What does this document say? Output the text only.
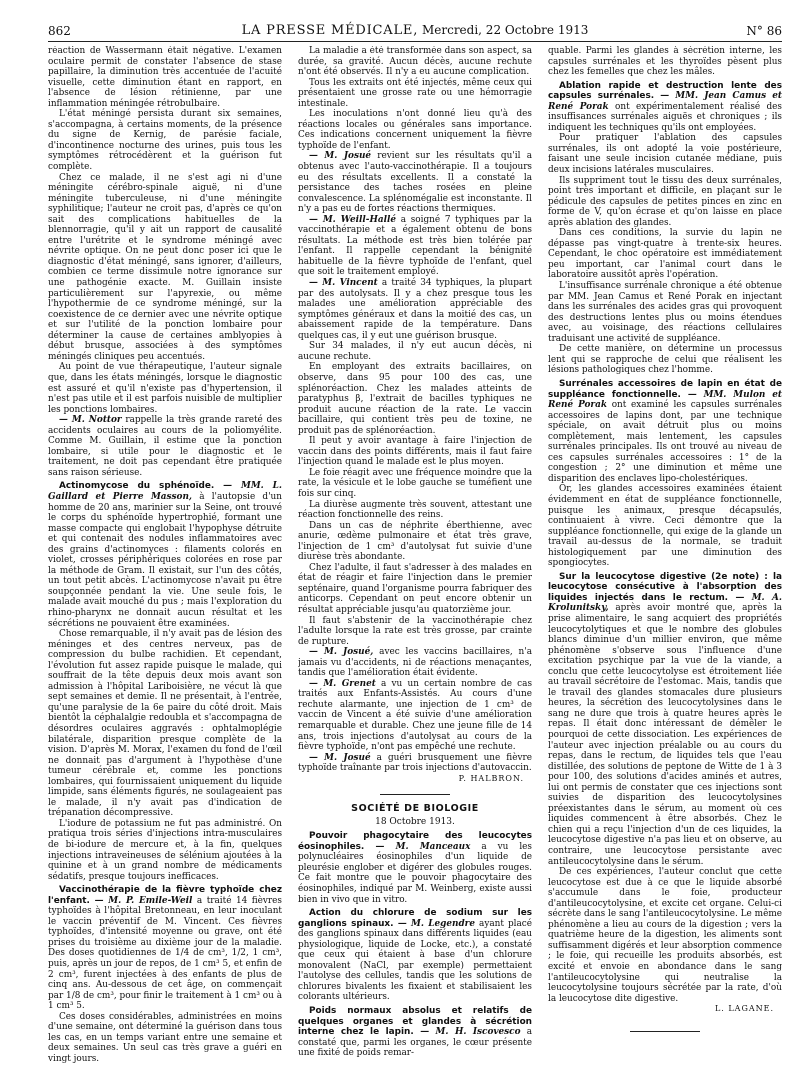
862	LA PRESSE MÉDICALE, Mercredi, 22 Octobre 1913	N° 86

réaction de Wassermann était négative. L'examen oculaire permit de constater l'absence de stase papillaire, la diminution très accentuée de l'acuité visuelle, cette diminution étant en rapport, en l'absence de lésion rétinienne, par une inflammation méningée rétrobulbaire.

L'état méningé persista durant six semaines, s'accompagna, à certains moments, de la présence du signe de Kernig, de parésie faciale, d'incontinence nocturne des urines, puis tous les symptômes rétrocédèrent et la guérison fut complète.

Chez ce malade, il ne s'est agi ni d'une méningite cérébro-spinale aiguë, ni d'une méningite tuberculeuse, ni d'une méningite syphilitique; l'auteur ne croit pas, d'après ce qu'on sait des complications habituelles de la blennorragie, qu'il y ait un rapport de causalité entre l'urétrite et le syndrome méningé avec névrite optique. On ne peut donc poser ici que le diagnostic d'état méningé, sans ignorer, d'ailleurs, combien ce terme dissimule notre ignorance sur une pathogénie exacte. M. Guillain insiste particulièrement sur l'apyrexie, ou même l'hypothermie de ce syndrome méningé, sur la coexistence de ce dernier avec une névrite optique et sur l'utilité de la ponction lombaire pour déterminer la cause de certaines amblyopies à début brusque, associées à des symptômes méningés cliniques peu accentués.

Au point de vue thérapeutique, l'auteur signale que, dans les états méningés, lorsque le diagnostic est assuré et qu'il n'existe pas d'hypertension, il n'est pas utile et il est parfois nuisible de multiplier les ponctions lombaires.

— M. Nottor rappelle la très grande rareté des accidents oculaires au cours de la poliomyélite. Comme M. Guillain, il estime que la ponction lombaire, si utile pour le diagnostic et le traitement, ne doit pas cependant être pratiquée sans raison sérieuse.

Actinomycose du sphénoïde. — MM. L. Gaillard et Pierre Masson, à l'autopsie d'un homme de 20 ans, marinier sur la Seine, ont trouvé le corps du sphénoïde hypertrophié, formant une masse compacte qui englobait l'hypophyse détruite et qui contenait des nodules inflammatoires avec des grains d'actinomyces : filaments colorés en violet, crosses périphériques colorées en rose par la méthode de Gram. Il existait, sur l'un des côtés, un tout petit abcès. L'actinomycose n'avait pu être soupçonnée pendant la vie. Une seule fois, le malade avait mouché du pus ; mais l'exploration du rhino-pharynx ne donnait aucun résultat et les sécrétions ne pouvaient être examinées.

Chose remarquable, il n'y avait pas de lésion des méninges et des centres nerveux, pas de compression du bulbe rachidien. Et cependant, l'évolution fut assez rapide puisque le malade, qui souffrait de la tête depuis deux mois avant son admission à l'hôpital Lariboisière, ne vécut là que sept semaines et demie. Il ne présentait, à l'entrée, qu'une paralysie de la 6e paire du côté droit. Mais bientôt la céphalalgie redoubla et s'accompagna de désordres oculaires aggravés : ophtalmoplégie bilatérale, disparition presque complète de la vision. D'après M. Morax, l'examen du fond de l'œil ne donnait pas d'argument à l'hypothèse d'une tumeur cérébrale et, comme les ponctions lombaires, qui fournissaient uniquement du liquide limpide, sans éléments figurés, ne soulageaient pas le malade, il n'y avait pas d'indication de trépanation décompressive.

L'iodure de potassium ne fut pas administré. On pratiqua trois séries d'injections intra-musculaires de bi-iodure de mercure et, à la fin, quelques injections intraveineuses de sélénium ajoutées à la quinine et à un grand nombre de médicaments sédatifs, presque toujours inefficaces.

Vaccinothérapie de la fièvre typhoïde chez l'enfant. — M. P. Emile-Weil a traité 14 fièvres typhoïdes à l'hôpital Bretonneau, en leur inoculant le vaccin préventif de M. Vincent. Ces fièvres typhoïdes, d'intensité moyenne ou grave, ont été prises du troisième au dixième jour de la maladie. Des doses quotidiennes de 1/4 de cm³, 1/2, 1 cm³, puis, après un jour de repos, de 1 cm³ 5, et enfin de 2 cm³, furent injectées à des enfants de plus de cinq ans. Au-dessous de cet âge, on commençait par 1/8 de cm³, pour finir le traitement à 1 cm³ ou à 1 cm³ 5.

Ces doses considérables, administrées en moins d'une semaine, ont déterminé la guérison dans tous les cas, en un temps variant entre une semaine et deux semaines. Un seul cas très grave a guéri en vingt jours.

La maladie a été transformée dans son aspect, sa durée, sa gravité. Aucun décès, aucune rechute n'ont été observés. Il n'y a eu aucune complication.

Tous les extraits ont été injectés, même ceux qui présentaient une grosse rate ou une hémorragie intestinale.

Les inoculations n'ont donné lieu qu'à des réactions locales ou générales sans importance. Ces indications concernent uniquement la fièvre typhoïde de l'enfant.

— M. Josué revient sur les résultats qu'il a obtenus avec l'auto-vaccinothérapie. Il a toujours eu des résultats excellents. Il a constaté la persistance des taches rosées en pleine convalescence. La splénomégalie est inconstante. Il n'y a pas eu de fortes réactions thermiques.

— M. Weill-Hallé a soigné 7 typhiques par la vaccinothérapie et a également obtenu de bons résultats. La méthode est très bien tolérée par l'enfant. Il rappelle cependant la bénignité habituelle de la fièvre typhoïde de l'enfant, quel que soit le traitement employé.

— M. Vincent a traité 34 typhiques, la plupart par des autolysats. Il y a chez presque tous les malades une amélioration appréciable des symptômes généraux et dans la moitié des cas, un abaissement rapide de la température. Dans quelques cas, il y eut une guérison brusque.

Sur 34 malades, il n'y eut aucun décès, ni aucune rechute.

En employant des extraits bacillaires, on observe, dans 95 pour 100 des cas, une splénoréaction. Chez les malades atteints de paratyphus β, l'extrait de bacilles typhiques ne produit aucune réaction de la rate. Le vaccin bacillaire, qui contient très peu de toxine, ne produit pas de splénoréaction.

Il peut y avoir avantage à faire l'injection de vaccin dans des points différents, mais il faut faire l'injection quand le malade est le plus moyen.

Le foie réagit avec une fréquence moindre que la rate, la vésicule et le lobe gauche se tuméfient une fois sur cinq.

La diurèse augmente très souvent, attestant une réaction fonctionnelle des reins.

Dans un cas de néphrite éberthienne, avec anurie, œdème pulmonaire et état très grave, l'injection de 1 cm³ d'autolysat fut suivie d'une diurèse très abondante.

Chez l'adulte, il faut s'adresser à des malades en état de réagir et faire l'injection dans le premier septénaire, quand l'organisme pourra fabriquer des anticorps. Cependant on peut encore obtenir un résultat appréciable jusqu'au quatorzième jour.

Il faut s'abstenir de la vaccinothérapie chez l'adulte lorsque la rate est très grosse, par crainte de rupture.

— M. Josué, avec les vaccins bacillaires, n'a jamais vu d'accidents, ni de réactions menaçantes, tandis que l'amélioration était évidente.

— M. Grenet a vu un certain nombre de cas traités aux Enfants-Assistés. Au cours d'une rechute alarmante, une injection de 1 cm³ de vaccin de Vincent a été suivie d'une amélioration remarquable et durable. Chez une jeune fille de 14 ans, trois injections d'autolysat au cours de la fièvre typhoïde, n'ont pas empêché une rechute.

— M. Josué a guéri brusquement une fièvre typhoïde traînante par trois injections d'autovaccin.

P. HALBRON.

SOCIÉTÉ DE BIOLOGIE
18 Octobre 1913.

Pouvoir phagocytaire des leucocytes éosinophiles. — M. Manceaux a vu les polynucléaires éosinophiles d'un liquide de pleurésie englober et digérer des globules rouges. Ce fait montre que le pouvoir phagocytaire des éosinophiles, indiqué par M. Weinberg, existe aussi bien in vivo que in vitro.

Action du chlorure de sodium sur les ganglions spinaux. — M. Legendre ayant placé des ganglions spinaux dans différents liquides (eau physiologique, liquide de Locke, etc.), a constaté que ceux qui étaient à base d'un chlorure monovalent (NaCl, par exemple) permettaient l'autolyse des cellules, tandis que les solutions de chlorures bivalents les fixaient et stabilisaient les colorants ultérieurs.

Poids normaux absolus et relatifs de quelques organes et glandes à sécrétion interne chez le lapin. — M. H. Iscovesco a constaté que, parmi les organes, le cœur présente une fixité de poids remar-

quable. Parmi les glandes à sécrétion interne, les capsules surrénales et les thyroïdes pèsent plus chez les femelles que chez les mâles.

Ablation rapide et destruction lente des capsules surrénales. — MM. Jean Camus et René Porak ont expérimentalement réalisé des insuffisances surrénales aiguës et chroniques ; ils indiquent les techniques qu'ils ont employées.

Pour pratiquer l'ablation des capsules surrénales, ils ont adopté la voie postérieure, faisant une seule incision cutanée médiane, puis deux incisions latérales musculaires.

Ils suppriment tout le tissu des deux surrénales, point très important et difficile, en plaçant sur le pédicule des capsules de petites pinces en zinc en forme de V, qu'on écrase et qu'on laisse en place après ablation des glandes.

Dans ces conditions, la survie du lapin ne dépasse pas vingt-quatre à trente-six heures. Cependant, le choc opératoire est immédiatement peu important, car l'animal court dans le laboratoire aussitôt après l'opération.

L'insuffisance surrénale chronique a été obtenue par MM. Jean Camus et René Porak en injectant dans les surrénales des acides gras qui provoquent des destructions lentes plus ou moins étendues avec, au voisinage, des réactions cellulaires traduisant une activité de suppléance.

De cette manière, on détermine un processus lent qui se rapproche de celui que réalisent les lésions pathologiques chez l'homme.

Surrénales accessoires de lapin en état de suppléance fonctionnelle. — MM. Mulon et René Porak ont examiné les capsules surrénales accessoires de lapins dont, par une technique spéciale, on avait détruit plus ou moins complètement, mais lentement, les capsules surrénales principales. Ils ont trouvé au niveau de ces capsules surrénales accessoires : 1° de la congestion ; 2° une diminution et même une disparition des enclaves lipo-cholestériques.

Or, les glandes accessoires examinées étaient évidemment en état de suppléance fonctionnelle, puisque les animaux, presque décapsulés, continuaient à vivre. Ceci démontre que la suppléance fonctionnelle, qui exige de la glande un travail au-dessus de la normale, se traduit histologiquement par une diminution des spongiocytes.

Sur la leucocytose digestive (2e note) : la leucocytose consécutive à l'absorption des liquides injectés dans le rectum. — M. A. Krolunitsky, après avoir montré que, après la prise alimentaire, le sang acquiert des propriétés leucocytolytiques et que le nombre des globules blancs diminue d'un millier environ, que même phénomène s'observe sous l'influence d'une excitation psychique par la vue de la viande, a conclu que cette leucocytolyse est étroitement liée au travail sécrétoire de l'estomac. Mais, tandis que le travail des glandes stomacales dure plusieurs heures, la sécrétion des leucocytolysines dans le sang ne dure que trois à quatre heures après le repas. Il était donc intéressant de démêler le pourquoi de cette dissociation. Les expériences de l'auteur avec injection préalable ou au cours du repas, dans le rectum, de liquides tels que l'eau distillée, des solutions de peptone de Witte de 1 à 3 pour 100, des solutions d'acides aminés et autres, lui ont permis de constater que ces injections sont suivies de disparition des leucocytolysines préexistantes dans le sérum, au moment où ces liquides commencent à être absorbés. Chez le chien qui a reçu l'injection d'un de ces liquides, la leucocytose digestive n'a pas lieu et on observe, au contraire, une leucocytose persistante avec antileucocytolysine dans le sérum.

De ces expériences, l'auteur conclut que cette leucocytose est due à ce que le liquide absorbé s'accumule dans le foie, producteur d'antileucocytolysine, et excite cet organe. Celui-ci sécrète dans le sang l'antileucocytolysine. Le même phénomène a lieu au cours de la digestion ; vers la quatrième heure de la digestion, les aliments sont suffisamment digérés et leur absorption commence ; le foie, qui recueille les produits absorbés, est excité et envoie en abondance dans le sang l'antileucocytolysine qui neutralise la leucocytolysine toujours sécrétée par la rate, d'où la leucocytose dite digestive.

L. LAGANE.
